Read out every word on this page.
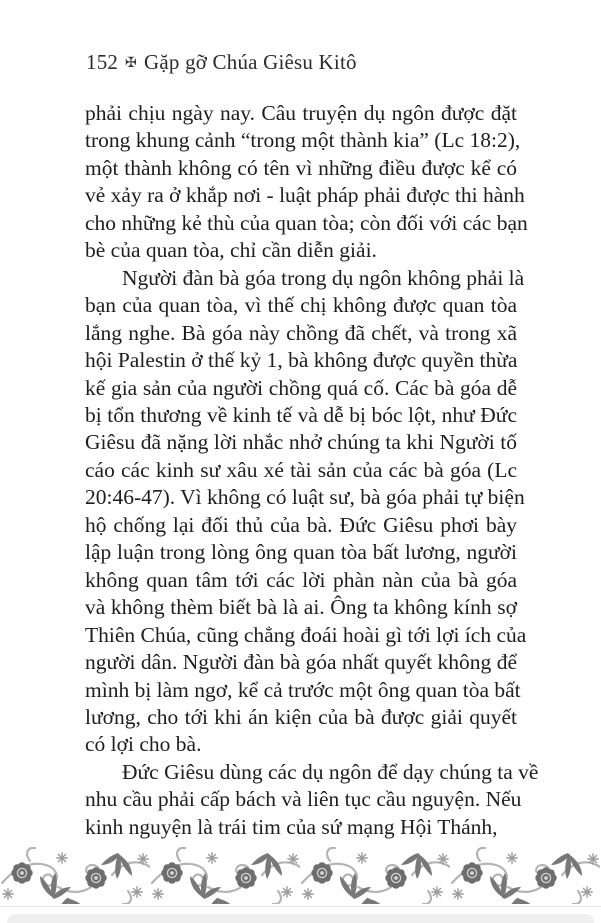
152 ✠ Gặp gỡ Chúa Giêsu Kitô
phải chịu ngày nay. Câu truyện dụ ngôn được đặt
trong khung cảnh “trong một thành kia” (Lc 18:2),
một thành không có tên vì những điều được kể có
vẻ xảy ra ở khắp nơi - luật pháp phải được thi hành
cho những kẻ thù của quan tòa; còn đối với các bạn
bè của quan tòa, chỉ cần diễn giải.
Người đàn bà góa trong dụ ngôn không phải là
bạn của quan tòa, vì thế chị không được quan tòa
lắng nghe. Bà góa này chồng đã chết, và trong xã
hội Palestin ở thế kỷ 1, bà không được quyền thừa
kế gia sản của người chồng quá cố. Các bà góa dễ
bị tổn thương về kinh tế và dễ bị bóc lột, như Đức
Giêsu đã nặng lời nhắc nhở chúng ta khi Người tố
cáo các kinh sư xâu xé tài sản của các bà góa (Lc
20:46-47). Vì không có luật sư, bà góa phải tự biện
hộ chống lại đối thủ của bà. Đức Giêsu phơi bày
lập luận trong lòng ông quan tòa bất lương, người
không quan tâm tới các lời phàn nàn của bà góa
và không thèm biết bà là ai. Ông ta không kính sợ
Thiên Chúa, cũng chẳng đoái hoài gì tới lợi ích của
người dân. Người đàn bà góa nhất quyết không để
mình bị làm ngơ, kể cả trước một ông quan tòa bất
lương, cho tới khi án kiện của bà được giải quyết
có lợi cho bà.
Đức Giêsu dùng các dụ ngôn để dạy chúng ta về
nhu cầu phải cấp bách và liên tục cầu nguyện. Nếu
kinh nguyện là trái tim của sứ mạng Hội Thánh,
